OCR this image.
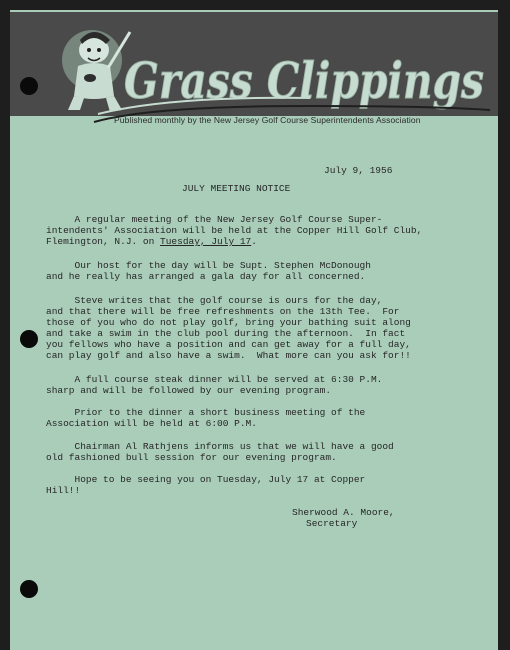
Grass Clippings
Published monthly by the New Jersey Golf Course Superintendents Association
July 9, 1956
JULY MEETING NOTICE
A regular meeting of the New Jersey Golf Course Super-
intendents' Association will be held at the Copper Hill Golf Club,
Flemington, N.J. on Tuesday, July 17.
Our host for the day will be Supt. Stephen McDonough
and he really has arranged a gala day for all concerned.
Steve writes that the golf course is ours for the day,
and that there will be free refreshments on the 13th Tee.  For
those of you who do not play golf, bring your bathing suit along
and take a swim in the club pool during the afternoon.  In fact
you fellows who have a position and can get away for a full day,
can play golf and also have a swim.  What more can you ask for!!
A full course steak dinner will be served at 6:30 P.M.
sharp and will be followed by our evening program.
Prior to the dinner a short business meeting of the
Association will be held at 6:00 P.M.
Chairman Al Rathjens informs us that we will have a good
old fashioned bull session for our evening program.
Hope to be seeing you on Tuesday, July 17 at Copper
Hill!!
Sherwood A. Moore,
Secretary
